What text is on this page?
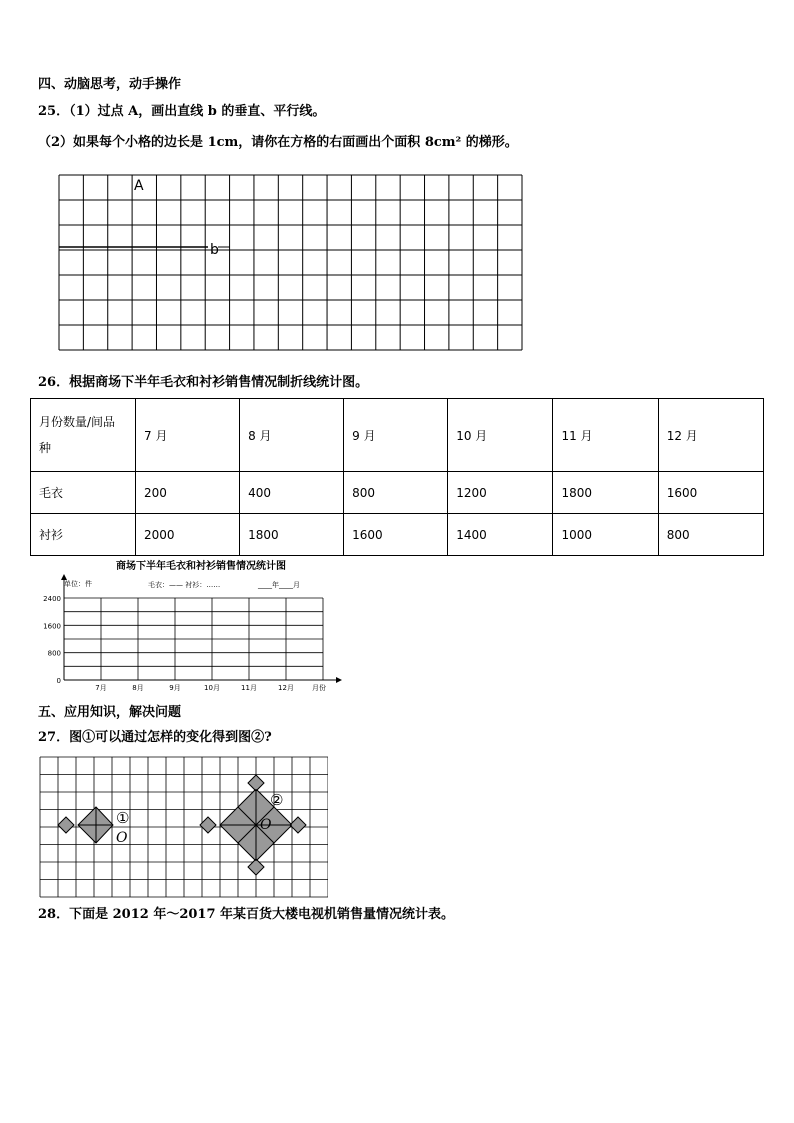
四、动脑思考，动手操作
25．（1）过点 A，画出直线 b 的垂直、平行线。
（2）如果每个小格的边长是 1cm，请你在方格的右面画出个面积 8cm² 的梯形。
A
b
26．根据商场下半年毛衣和衬衫销售情况制折线统计图。
月份数量/间品种	7 月	8 月	9 月	10 月	11 月	12 月
毛衣	200	400	800	1200	1800	1600
衬衫	2000	1800	1600	1400	1000	800
商场下半年毛衣和衬衫销售情况统计图
单位：件	毛衣：—— 衬衫：……	____年____月
2400
1600
800
0
7月	8月	9月	10月	11月	12月	月份
五、应用知识，解决问题
27．图①可以通过怎样的变化得到图②?
①
O
②
O
28．下面是 2012 年～2017 年某百货大楼电视机销售量情况统计表。
